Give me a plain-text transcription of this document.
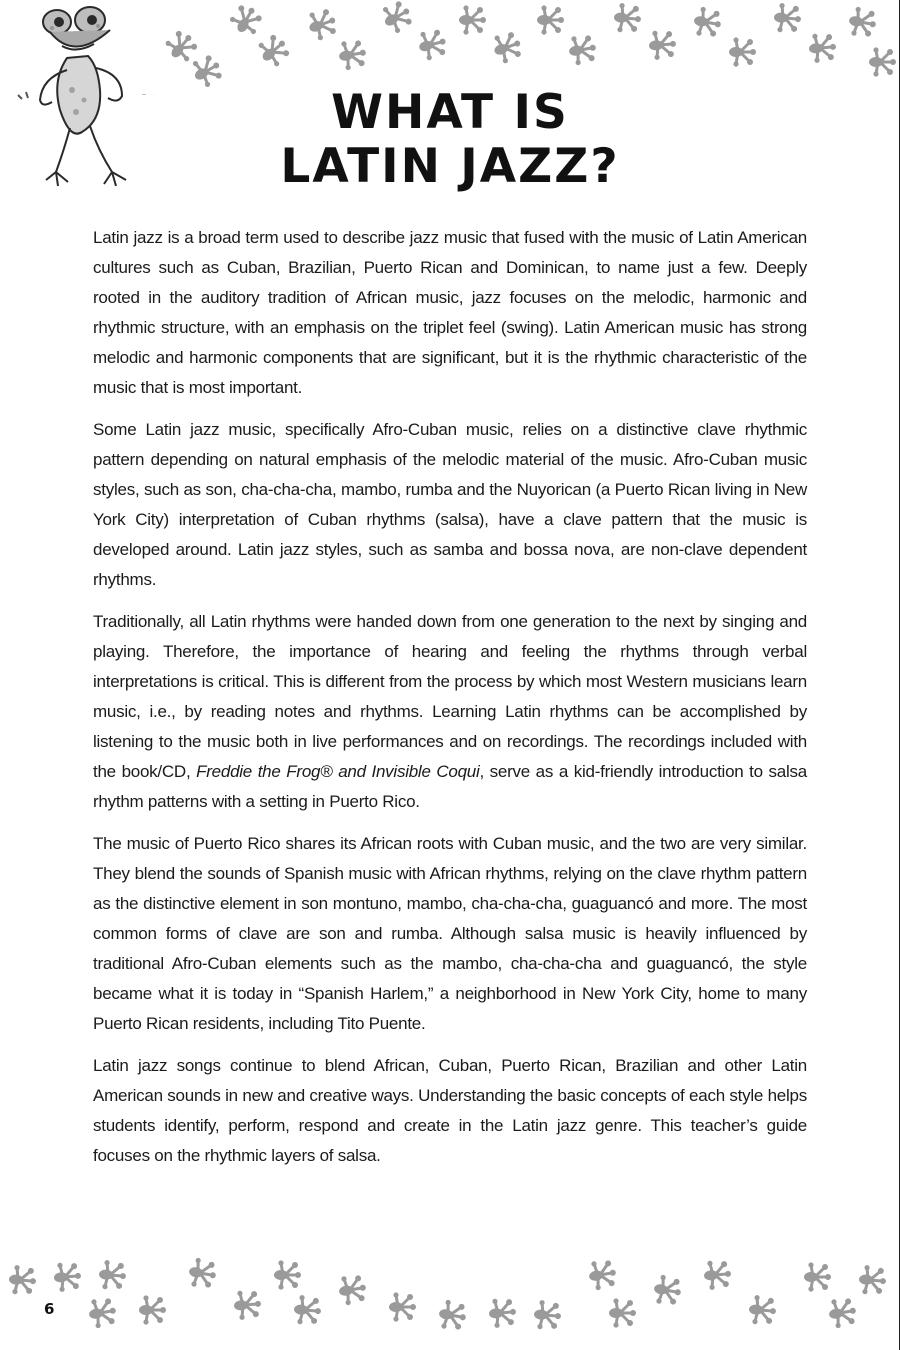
WHAT IS
LATIN JAZZ?

Latin jazz is a broad term used to describe jazz music that fused with the music of Latin American cultures such as Cuban, Brazilian, Puerto Rican and Dominican, to name just a few. Deeply rooted in the auditory tradition of African music, jazz focuses on the melodic, harmonic and rhythmic structure, with an emphasis on the triplet feel (swing). Latin American music has strong melodic and harmonic components that are significant, but it is the rhythmic characteristic of the music that is most important.

Some Latin jazz music, specifically Afro-Cuban music, relies on a distinctive clave rhythmic pattern depending on natural emphasis of the melodic material of the music. Afro-Cuban music styles, such as son, cha-cha-cha, mambo, rumba and the Nuyorican (a Puerto Rican living in New York City) interpretation of Cuban rhythms (salsa), have a clave pattern that the music is developed around. Latin jazz styles, such as samba and bossa nova, are non-clave dependent rhythms.

Traditionally, all Latin rhythms were handed down from one generation to the next by singing and playing. Therefore, the importance of hearing and feeling the rhythms through verbal interpretations is critical. This is different from the process by which most Western musicians learn music, i.e., by reading notes and rhythms. Learning Latin rhythms can be accomplished by listening to the music both in live performances and on recordings. The recordings included with the book/CD, Freddie the Frog® and Invisible Coqui, serve as a kid-friendly introduction to salsa rhythm patterns with a setting in Puerto Rico.

The music of Puerto Rico shares its African roots with Cuban music, and the two are very similar. They blend the sounds of Spanish music with African rhythms, relying on the clave rhythm pattern as the distinctive element in son montuno, mambo, cha-cha-cha, guaguancó and more. The most common forms of clave are son and rumba. Although salsa music is heavily influenced by traditional Afro-Cuban elements such as the mambo, cha-cha-cha and guaguancó, the style became what it is today in “Spanish Harlem,” a neighborhood in New York City, home to many Puerto Rican residents, including Tito Puente.

Latin jazz songs continue to blend African, Cuban, Puerto Rican, Brazilian and other Latin American sounds in new and creative ways. Understanding the basic concepts of each style helps students identify, perform, respond and create in the Latin jazz genre. This teacher’s guide focuses on the rhythmic layers of salsa.

6
